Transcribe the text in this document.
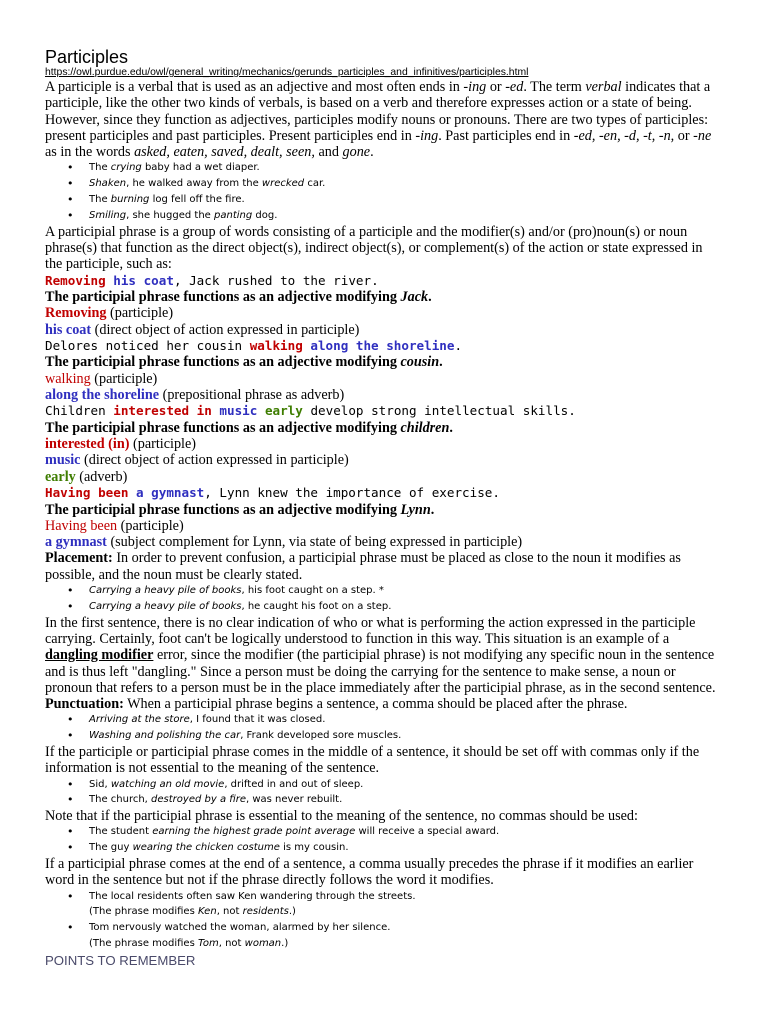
Participles
https://owl.purdue.edu/owl/general_writing/mechanics/gerunds_participles_and_infinitives/participles.html

A participle is a verbal that is used as an adjective and most often ends in -ing or -ed. The term verbal indicates that a participle, like the other two kinds of verbals, is based on a verb and therefore expresses action or a state of being. However, since they function as adjectives, participles modify nouns or pronouns. There are two types of participles: present participles and past participles. Present participles end in -ing. Past participles end in -ed, -en, -d, -t, -n, or -ne as in the words asked, eaten, saved, dealt, seen, and gone.

• The crying baby had a wet diaper.
• Shaken, he walked away from the wrecked car.
• The burning log fell off the fire.
• Smiling, she hugged the panting dog.

A participial phrase is a group of words consisting of a participle and the modifier(s) and/or (pro)noun(s) or noun phrase(s) that function as the direct object(s), indirect object(s), or complement(s) of the action or state expressed in the participle, such as:

Removing his coat, Jack rushed to the river.
The participial phrase functions as an adjective modifying Jack.
Removing (participle)
his coat (direct object of action expressed in participle)
Delores noticed her cousin walking along the shoreline.
The participial phrase functions as an adjective modifying cousin.
walking (participle)
along the shoreline (prepositional phrase as adverb)
Children interested in music early develop strong intellectual skills.
The participial phrase functions as an adjective modifying children.
interested (in) (participle)
music (direct object of action expressed in participle)
early (adverb)
Having been a gymnast, Lynn knew the importance of exercise.
The participial phrase functions as an adjective modifying Lynn.
Having been (participle)
a gymnast (subject complement for Lynn, via state of being expressed in participle)

Placement: In order to prevent confusion, a participial phrase must be placed as close to the noun it modifies as possible, and the noun must be clearly stated.

• Carrying a heavy pile of books, his foot caught on a step. *
• Carrying a heavy pile of books, he caught his foot on a step.

In the first sentence, there is no clear indication of who or what is performing the action expressed in the participle carrying. Certainly, foot can't be logically understood to function in this way. This situation is an example of a dangling modifier error, since the modifier (the participial phrase) is not modifying any specific noun in the sentence and is thus left "dangling." Since a person must be doing the carrying for the sentence to make sense, a noun or pronoun that refers to a person must be in the place immediately after the participial phrase, as in the second sentence.

Punctuation: When a participial phrase begins a sentence, a comma should be placed after the phrase.

• Arriving at the store, I found that it was closed.
• Washing and polishing the car, Frank developed sore muscles.

If the participle or participial phrase comes in the middle of a sentence, it should be set off with commas only if the information is not essential to the meaning of the sentence.

• Sid, watching an old movie, drifted in and out of sleep.
• The church, destroyed by a fire, was never rebuilt.

Note that if the participial phrase is essential to the meaning of the sentence, no commas should be used:

• The student earning the highest grade point average will receive a special award.
• The guy wearing the chicken costume is my cousin.

If a participial phrase comes at the end of a sentence, a comma usually precedes the phrase if it modifies an earlier word in the sentence but not if the phrase directly follows the word it modifies.

• The local residents often saw Ken wandering through the streets.
(The phrase modifies Ken, not residents.)
• Tom nervously watched the woman, alarmed by her silence.
(The phrase modifies Tom, not woman.)
POINTS TO REMEMBER
